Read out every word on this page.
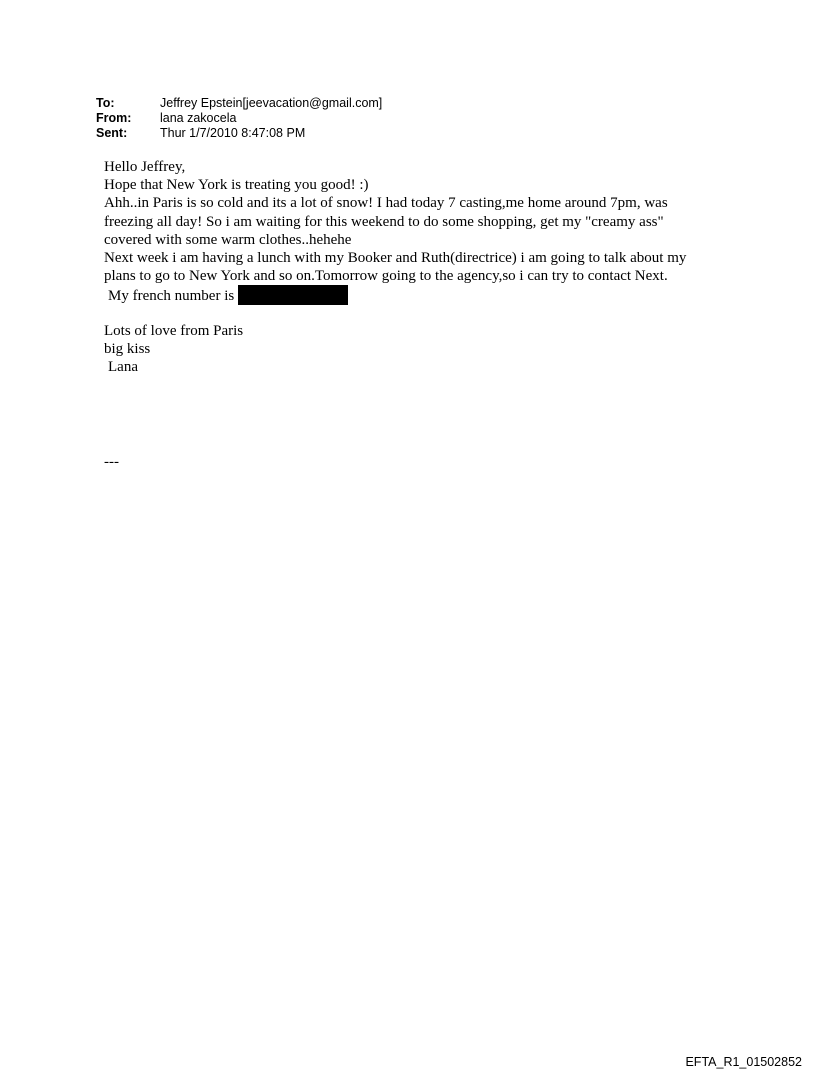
To:	Jeffrey Epstein[jeevacation@gmail.com]
From:	lana zakocela
Sent:	Thur 1/7/2010 8:47:08 PM
Hello Jeffrey,
Hope that New York is treating you good! :)
Ahh..in Paris is so cold and its a lot of snow! I had today 7 casting,me home around 7pm, was
freezing all day! So i am waiting for this weekend to do some shopping, get my "creamy ass"
covered with some warm clothes..hehehe
Next week i am having a lunch with my Booker and Ruth(directrice) i am going to talk about my
plans to go to New York and so on.Tomorrow going to the agency,so i can try to contact Next.
My french number is
Lots of love from Paris
big kiss
Lana
---
EFTA_R1_01502852
